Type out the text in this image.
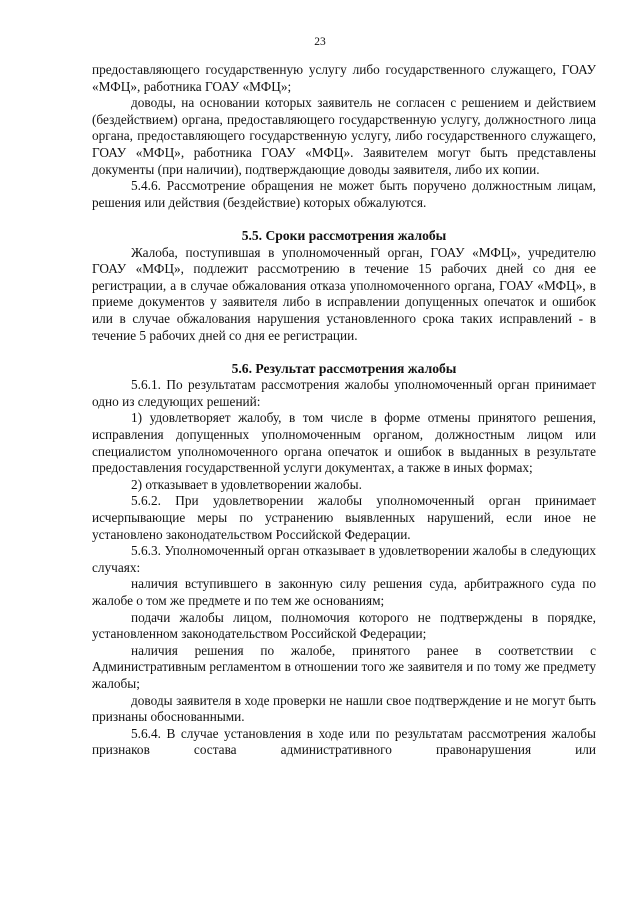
23

предоставляющего государственную услугу либо государственного служащего, ГОАУ «МФЦ», работника ГОАУ «МФЦ»;

доводы, на основании которых заявитель не согласен с решением и действием (бездействием) органа, предоставляющего государственную услугу, должностного лица органа, предоставляющего государственную услугу, либо государственного служащего, ГОАУ «МФЦ», работника ГОАУ «МФЦ». Заявителем могут быть представлены документы (при наличии), подтверждающие доводы заявителя, либо их копии.

5.4.6. Рассмотрение обращения не может быть поручено должностным лицам, решения или действия (бездействие) которых обжалуются.

5.5. Сроки рассмотрения жалобы

Жалоба, поступившая в уполномоченный орган, ГОАУ «МФЦ», учредителю ГОАУ «МФЦ», подлежит рассмотрению в течение 15 рабочих дней со дня ее регистрации, а в случае обжалования отказа уполномоченного органа, ГОАУ «МФЦ», в приеме документов у заявителя либо в исправлении допущенных опечаток и ошибок или в случае обжалования нарушения установленного срока таких исправлений - в течение 5 рабочих дней со дня ее регистрации.

5.6. Результат рассмотрения жалобы

5.6.1. По результатам рассмотрения жалобы уполномоченный орган принимает одно из следующих решений:

1) удовлетворяет жалобу, в том числе в форме отмены принятого решения, исправления допущенных уполномоченным органом, должностным лицом или специалистом уполномоченного органа опечаток и ошибок в выданных в результате предоставления государственной услуги документах, а также в иных формах;

2) отказывает в удовлетворении жалобы.

5.6.2. При удовлетворении жалобы уполномоченный орган принимает исчерпывающие меры по устранению выявленных нарушений, если иное не установлено законодательством Российской Федерации.

5.6.3. Уполномоченный орган отказывает в удовлетворении жалобы в следующих случаях:

наличия вступившего в законную силу решения суда, арбитражного суда по жалобе о том же предмете и по тем же основаниям;

подачи жалобы лицом, полномочия которого не подтверждены в порядке, установленном законодательством Российской Федерации;

наличия решения по жалобе, принятого ранее в соответствии с Административным регламентом в отношении того же заявителя и по тому же предмету жалобы;

доводы заявителя в ходе проверки не нашли свое подтверждение и не могут быть признаны обоснованными.

5.6.4. В случае установления в ходе или по результатам рассмотрения жалобы признаков состава административного правонарушения или
